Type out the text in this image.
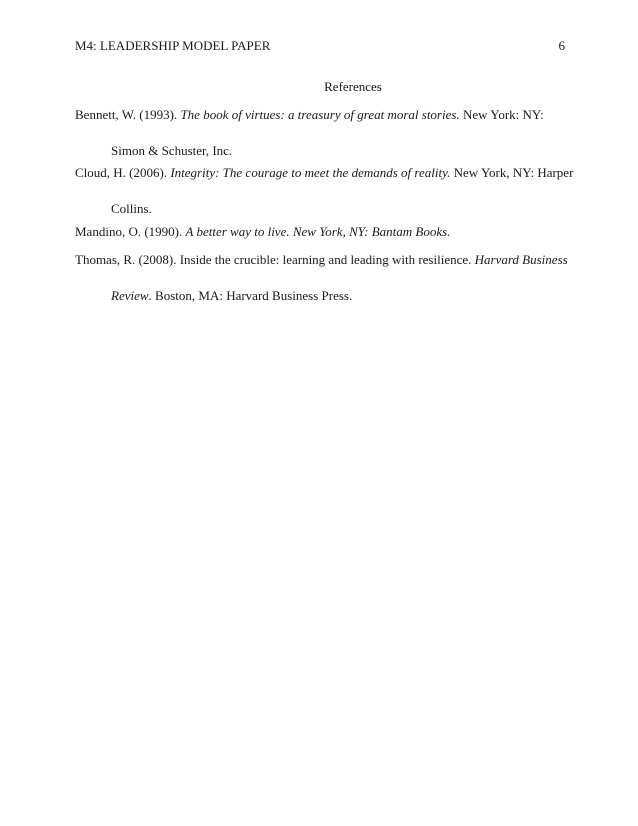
M4: LEADERSHIP MODEL PAPER	6
References
Bennett, W. (1993). The book of virtues: a treasury of great moral stories. New York: NY:
Simon & Schuster, Inc.
Cloud, H. (2006). Integrity: The courage to meet the demands of reality. New York, NY: Harper
Collins.
Mandino, O. (1990). A better way to live. New York, NY: Bantam Books.
Thomas, R. (2008). Inside the crucible: learning and leading with resilience. Harvard Business
Review. Boston, MA: Harvard Business Press.
